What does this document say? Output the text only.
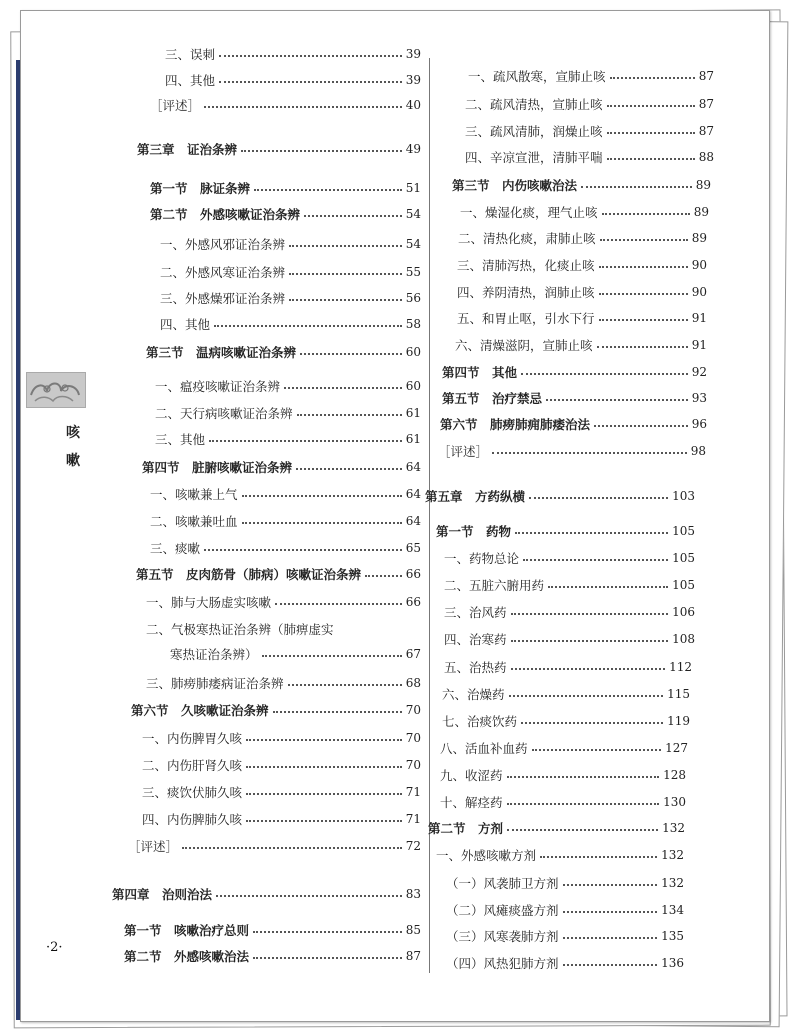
咳
嗽
·2·
三、误刺	39
四、其他	39
［评述］	40
第三章　证治条辨	49
第一节　脉证条辨	51
第二节　外感咳嗽证治条辨	54
一、外感风邪证治条辨	54
二、外感风寒证治条辨	55
三、外感燥邪证治条辨	56
四、其他	58
第三节　温病咳嗽证治条辨	60
一、瘟疫咳嗽证治条辨	60
二、天行病咳嗽证治条辨	61
三、其他	61
第四节　脏腑咳嗽证治条辨	64
一、咳嗽兼上气	64
二、咳嗽兼吐血	64
三、痰嗽	65
第五节　皮肉筋骨（肺病）咳嗽证治条辨	66
一、肺与大肠虚实咳嗽	66
二、气极寒热证治条辨（肺痹虚实
寒热证治条辨）	67
三、肺痨肺痿病证治条辨	68
第六节　久咳嗽证治条辨	70
一、内伤脾胃久咳	70
二、内伤肝肾久咳	70
三、痰饮伏肺久咳	71
四、内伤脾肺久咳	71
［评述］	72
第四章　治则治法	83
第一节　咳嗽治疗总则	85
第二节　外感咳嗽治法	87
一、疏风散寒，宣肺止咳	87
二、疏风清热，宣肺止咳	87
三、疏风清肺，润燥止咳	87
四、辛凉宣泄，清肺平喘	88
第三节　内伤咳嗽治法	89
一、燥湿化痰，理气止咳	89
二、清热化痰，肃肺止咳	89
三、清肺泻热，化痰止咳	90
四、养阴清热，润肺止咳	90
五、和胃止呕，引水下行	91
六、清燥滋阴，宣肺止咳	91
第四节　其他	92
第五节　治疗禁忌	93
第六节　肺痨肺痈肺痿治法	96
［评述］	98
第五章　方药纵横	103
第一节　药物	105
一、药物总论	105
二、五脏六腑用药	105
三、治风药	106
四、治寒药	108
五、治热药	112
六、治燥药	115
七、治痰饮药	119
八、活血补血药	127
九、收涩药	128
十、解痉药	130
第二节　方剂	132
一、外感咳嗽方剂	132
（一）风袭肺卫方剂	132
（二）风瘫痰盛方剂	134
（三）风寒袭肺方剂	135
（四）风热犯肺方剂	136
